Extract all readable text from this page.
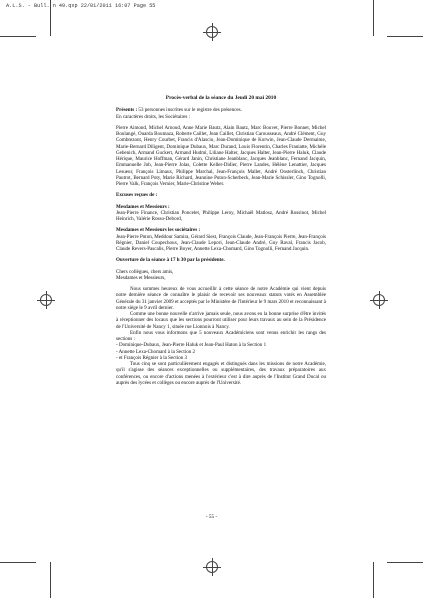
A.L.S. - Bull. n 49.qxp 22/01/2011 16:07 Page 55

Procès-verbal de la séance du Jeudi 20 mai 2010

Présents : 53 personnes inscrites sur le registre des présences.

En caractères droits, les Sociétaires :

Pierre Aimond, Michel Arnoud, Anne Marie Bautz, Alain Bautz, Marc Bouvet, Pierre Bonnet, Michel Boulangé, Ouarda Boumaza, Roberte Caillet, Jean Caillet, Christian Carousseaux, André Clément, Guy Combrezont, Henry Courbet, Francis d'Alascio, Jean-Dominique de Korwin, Jean-Claude Dermaime, Marie-Bernard Diligent, Dominique Dubaux, Marc Durand, Louis Florentin, Charles Franiatte, Michèle Gebenich, Armand Guckert, Armand Hudmi, Liliane Halter, Jacques Halter, Jean-Pierre Haluk, Claude Hérique, Maurice Hoffman, Gérard Janin, Christiane Jeanblanc, Jacques Jeanblanc, Fernand Jacquin, Emmanuelle Job, Jean-Pierre Jolas, Colette Keller-Didier, Pierre Landes, Hélène Lenattier, Jacques Lesueur, François Limaux, Philippe Marchal, Jean-François Mallet, André Oosterlinck, Christian Pautrot, Bernard Poty, Marie Richard, Jeannine Puton-Scherbeck, Jean-Marie Schissler, Gino Tognolli, Pierre Valk, François Vernier, Marie-Christine Weber.

Excuses reçues de :

Mesdames et Messieurs :

Jean-Pierre Finance, Christian Poncelet, Philippe Leroy, Michaël Matlosz, André Rossinot, Michel Heinrich, Valérie Rosso-Debord,

Mesdames et Messieurs les sociétaires :

Jean-Pierre Puton, Meddour Samira, Gérard Siest, François Claude, Jean-François Pierre, Jean-François Régnier, Daniel Coupechoux, Jean-Claude Lepori, Jean-Claude André, Guy Raval, Francis Jacob, Claude Revers-Pascalis, Pierre Boyer, Annette Lexa-Chomard, Gino Tognolli, Fernand Jacquin.

Ouverture de la séance à 17 h 30 par la présidente.

Chers collègues, chers amis,

Mesdames et Messieurs,

Nous sommes heureux de vous accueillir à cette séance de notre Académie qui vient depuis notre dernière séance de connaître le plaisir de recevoir ses nouveaux statuts votés en Assemblée Générale du 31 janvier 2009 et acceptés par le Ministère de l'Intérieur le 9 mars 2010 et reconnaissant à notre siège le 9 avril dernier.

Comme une bonne nouvelle n'arrive jamais seule, nous avons eu la bonne surprise d'être invités à réceptionner des locaux que les sections pourront utiliser pour leurs travaux au sein de la Présidence de l'Université de Nancy 1, située rue Lionnois à Nancy.

Enfin nous vous informons que 5 nouveaux Académiciens sont venus enrichir les rangs des sections :

- Dominique-Dubaux, Jean-Pierre Haluk et Jean-Paul Haton à la Section 1

- Annette Lexa-Chomard à la Section 2

- et François Régnier à la Section 3

Tous cinq se sont particulièrement engagés et distingués dans les missions de notre Académie, qu'il s'agisse des séances exceptionnelles ou supplémentaires, des travaux préparatoires aux conférences, ou encore d'actions menées à l'extérieur c'est à dire auprès de l'Institut Grand Ducal ou auprès des lycées et collèges ou encore auprès de l'Université.

- 55 -
